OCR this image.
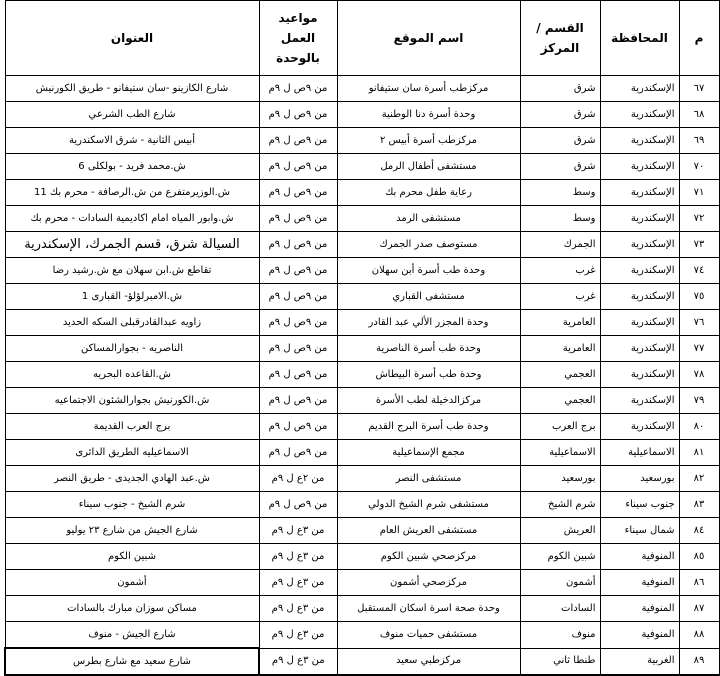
م	المحافظة	القسم / المركز	اسم الموقع	مواعيد العمل بالوحدة	العنوان
٦٧	الإسكندرية	شرق	مركزطب أسرة سان ستيفانو	من ٩ص ل ٩م	شارع الكازينو -سان ستيفانو - طريق الكورنيش
٦٨	الإسكندرية	شرق	وحدة أسرة دنا الوطنية	من ٩ص ل ٩م	شارع الطب الشرعي
٦٩	الإسكندرية	شرق	مركزطب أسرة أبيس ٢	من ٩ص ل ٩م	أبيس الثانية - شرق الاسكندرية
٧٠	الإسكندرية	شرق	مستشفى أطفال الرمل	من ٩ص ل ٩م	ش.محمد فريد - بولكلى 6
٧١	الإسكندرية	وسط	رعاية طفل محرم بك	من ٩ص ل ٩م	ش.الوزيرمتفرع من ش.الرصافة - محرم بك 11
٧٢	الإسكندرية	وسط	مستشفى الرمد	من ٩ص ل ٩م	ش.وابور المياه امام اكاديمية السادات - محرم بك
٧٣	الإسكندرية	الجمرك	مستوصف صدر الجمرك	من ٩ص ل ٩م	السيالة شرق، قسم الجمرك، الإسكندرية
٧٤	الإسكندرية	غرب	وحدة طب أسرة أبن سهلان	من ٩ص ل ٩م	تقاطع ش.ابن سهلان مع ش.رشيد رضا
٧٥	الإسكندرية	غرب	مستشفى القباري	من ٩ص ل ٩م	ش.الامبرلؤلؤ- القبارى 1
٧٦	الإسكندرية	العامرية	وحدة المجزر الألي عبد القادر	من ٩ص ل ٩م	زاويه عبدالقادرقبلى السكه الحديد
٧٧	الإسكندرية	العامرية	وحدة طب أسرة الناصرية	من ٩ص ل ٩م	الناصريه - بجوارالمساكن
٧٨	الإسكندرية	العجمي	وحدة طب أسرة البيطاش	من ٩ص ل ٩م	ش.القاعده البحريه
٧٩	الإسكندرية	العجمي	مركزالدخيلة لطب الأسرة	من ٩ص ل ٩م	ش.الكورنيش بجوارالشئون الاجتماعيه
٨٠	الإسكندرية	برج العرب	وحدة طب أسرة البرج القديم	من ٩ص ل ٩م	برج العرب القديمة
٨١	الاسماعيلية	الاسماعيلية	مجمع الإسماعيلية	من ٩ص ل ٩م	الاسماعيليه الطريق الدائرى
٨٢	بورسعيد	بورسعيد	مستشفى النصر	من ٢ع ل ٩م	ش.عبد الهادي الجديدى - طريق النصر
٨٣	جنوب سيناء	شرم الشيخ	مستشفى شرم الشيخ الدولي	من ٩ص ل ٩م	شرم الشيخ - جنوب سيناء
٨٤	شمال سيناء	العريش	مستشفى العريش العام	من ٣ع ل ٩م	شارع الجيش من شارع ٢٣ يوليو
٨٥	المنوفية	شبين الكوم	مركزصحي شبين الكوم	من ٣ع ل ٩م	شبين الكوم
٨٦	المنوفية	أشمون	مركزصحي أشمون	من ٣ع ل ٩م	أشمون
٨٧	المنوفية	السادات	وحدة صحة اسرة اسكان المستقبل	من ٣ع ل ٩م	مساكن سوزان مبارك بالسادات
٨٨	المنوفية	منوف	مستشفى حميات منوف	من ٣ع ل ٩م	شارع الجيش - منوف
٨٩	الغربية	طنطا ثاني	مركزطبي سعيد	من ٣ع ل ٩م	شارع سعيد مع شارع بطرس
